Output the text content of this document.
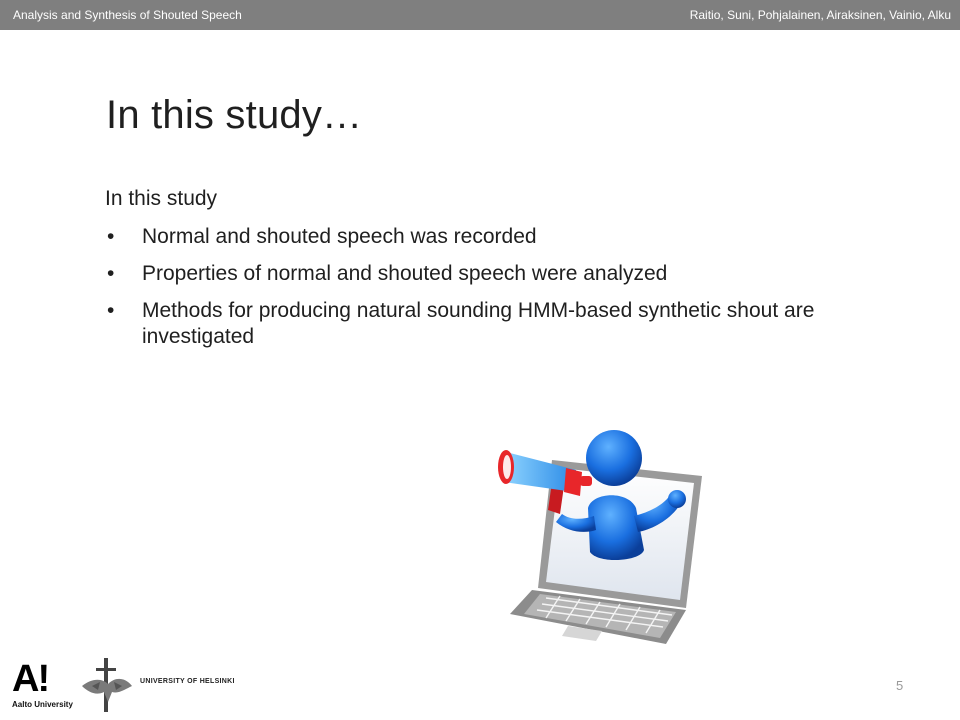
Analysis and Synthesis of Shouted Speech	Raitio, Suni, Pohjalainen, Airaksinen, Vainio, Alku
In this study…

In this study

• Normal and shouted speech was recorded
• Properties of normal and shouted speech were analyzed
• Methods for producing natural sounding HMM-based synthetic shout are investigated
A!
Aalto University
UNIVERSITY OF HELSINKI	5
